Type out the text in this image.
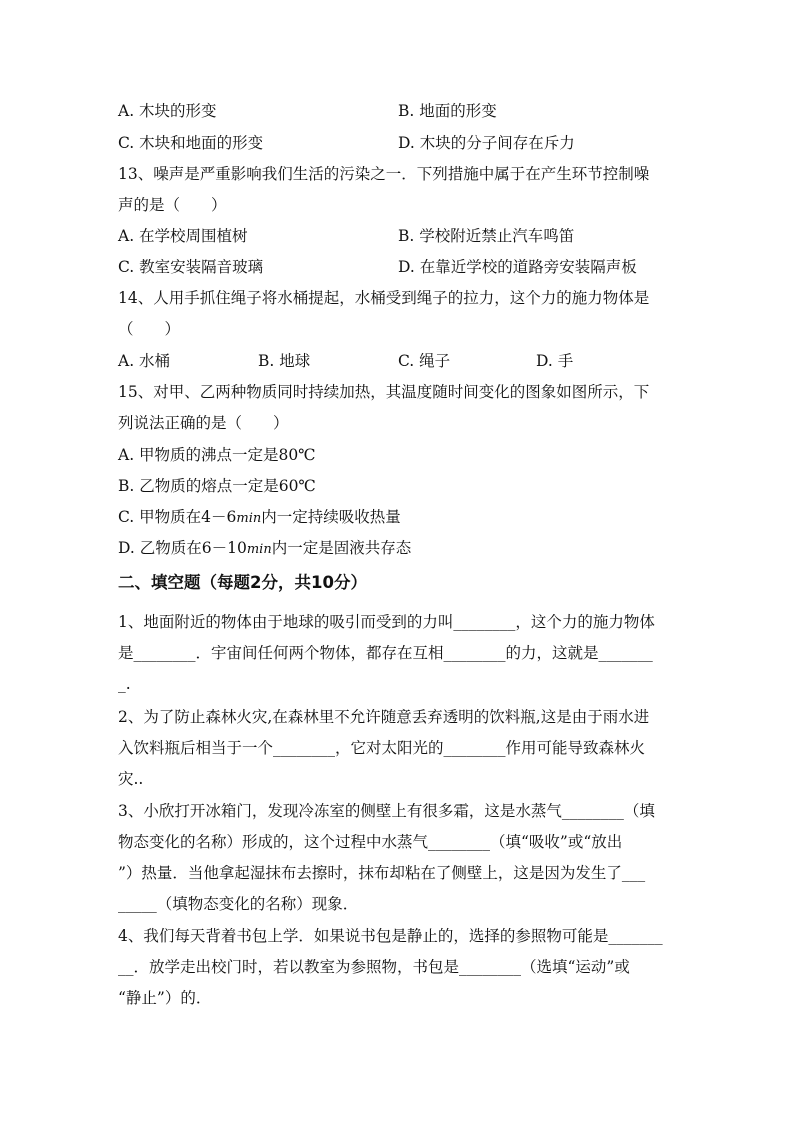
A. 木块的形变	B. 地面的形变
C. 木块和地面的形变	D. 木块的分子间存在斥力
13、噪声是严重影响我们生活的污染之一．下列措施中属于在产生环节控制噪
声的是（　　）
A. 在学校周围植树	B. 学校附近禁止汽车鸣笛
C. 教室安装隔音玻璃	D. 在靠近学校的道路旁安装隔声板
14、人用手抓住绳子将水桶提起，水桶受到绳子的拉力，这个力的施力物体是
（　　）
A. 水桶	B. 地球	C. 绳子	D. 手
15、对甲、乙两种物质同时持续加热，其温度随时间变化的图象如图所示，下
列说法正确的是（　　）
A. 甲物质的沸点一定是80℃
B. 乙物质的熔点一定是60℃
C. 甲物质在4－6min内一定持续吸收热量
D. 乙物质在6－10min内一定是固液共存态
二、填空题（每题2分，共10分）
1、地面附近的物体由于地球的吸引而受到的力叫________，这个力的施力物体
是________．宇宙间任何两个物体，都存在互相________的力，这就是_______
_.
2、为了防止森林火灾,在森林里不允许随意丢弃透明的饮料瓶,这是由于雨水进
入饮料瓶后相当于一个________，它对太阳光的________作用可能导致森林火
灾..
3、小欣打开冰箱门，发现冷冻室的侧壁上有很多霜，这是水蒸气________（填
物态变化的名称）形成的，这个过程中水蒸气________（填“吸收”或“放出
”）热量．当他拿起湿抹布去擦时，抹布却粘在了侧壁上，这是因为发生了___
_____（填物态变化的名称）现象．
4、我们每天背着书包上学．如果说书包是静止的，选择的参照物可能是_______
__．放学走出校门时，若以教室为参照物，书包是________（选填“运动”或
“静止”）的．
